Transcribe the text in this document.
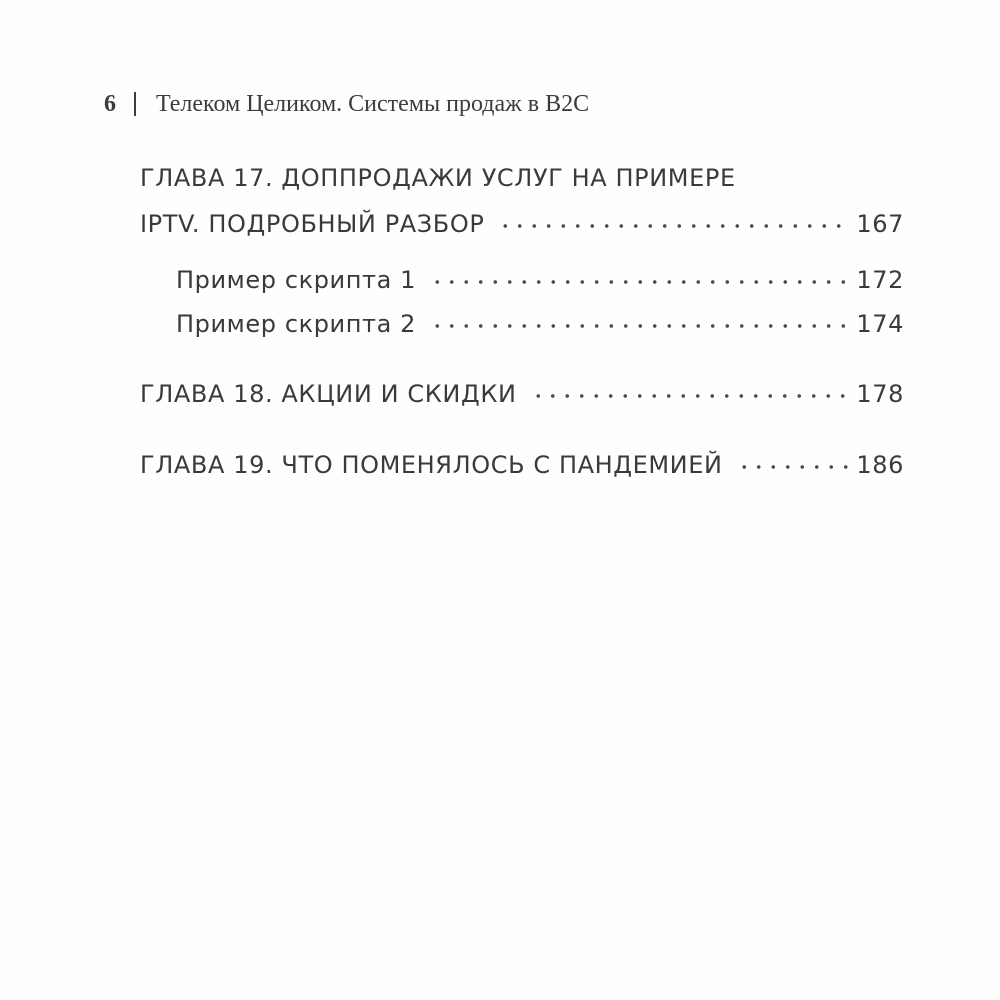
6 Телеком Целиком. Системы продаж в B2C
ГЛАВА 17. ДОППРОДАЖИ УСЛУГ НА ПРИМЕРЕ
IPTV. ПОДРОБНЫЙ РАЗБОР	167
Пример скрипта 1	172
Пример скрипта 2	174
ГЛАВА 18. АКЦИИ И СКИДКИ	178
ГЛАВА 19. ЧТО ПОМЕНЯЛОСЬ С ПАНДЕМИЕЙ	186
